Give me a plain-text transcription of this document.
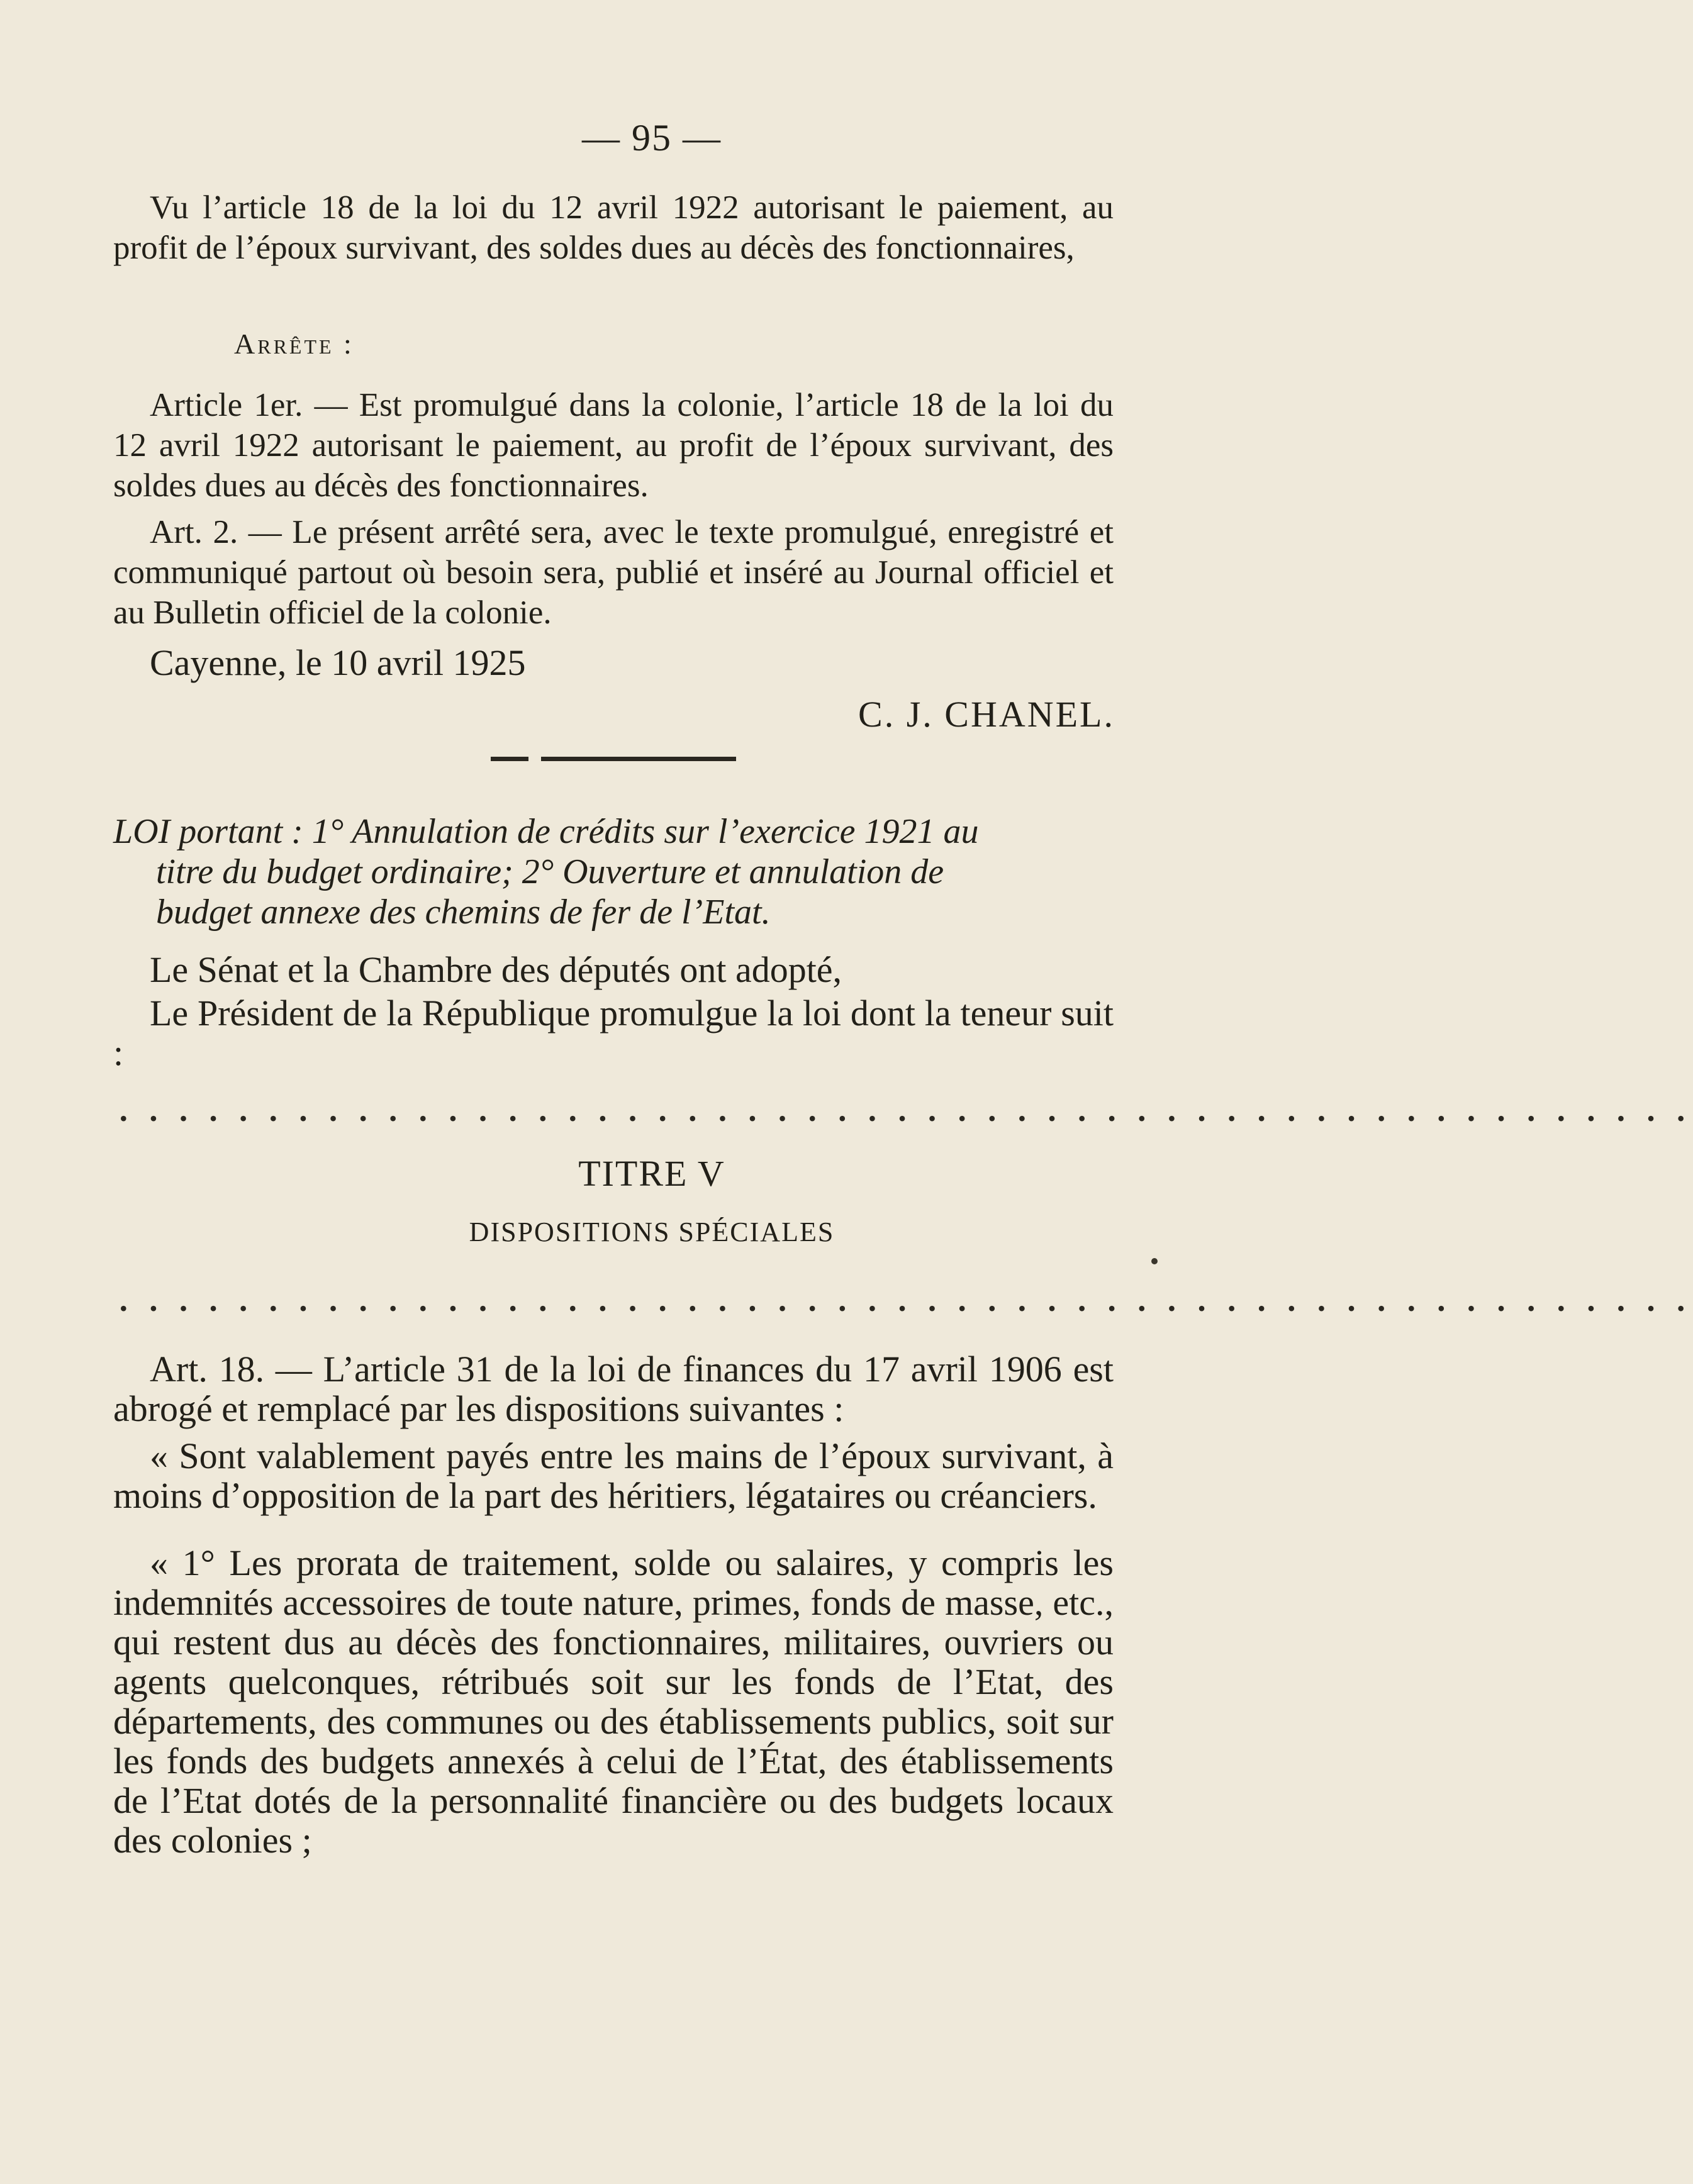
— 95 —

Vu l’article 18 de la loi du 12 avril 1922 autorisant le paiement, au profit de l’époux survivant, des soldes dues au décès des fonctionnaires,

Arrête :

Article 1er. — Est promulgué dans la colonie, l’article 18 de la loi du 12 avril 1922 autorisant le paiement, au profit de l’époux survivant, des soldes dues au décès des fonctionnaires.

Art. 2. — Le présent arrêté sera, avec le texte promulgué, enregistré et communiqué partout où besoin sera, publié et inséré au Journal officiel et au Bulletin officiel de la colonie.

Cayenne, le 10 avril 1925

C. J. CHANEL.
LOI portant : 1° Annulation de crédits sur l’exercice 1921 au
titre du budget ordinaire; 2° Ouverture et annulation de
budget annexe des chemins de fer de l’Etat.

Le Sénat et la Chambre des députés ont adopté,

Le Président de la République promulgue la loi dont la teneur suit :

• • • • • • • • • • • • • • • • • • • • • • • • • • • • • • • • • • • • • • • • • • • • • • • • • • • • •
TITRE V
DISPOSITIONS SPÉCIALES
• • • • • • • • • • • • • • • • • • • • • • • • • • • • • • • • • • • • • • • • • • • • • • • • • • • • •

Art. 18. — L’article 31 de la loi de finances du 17 avril 1906 est abrogé et remplacé par les dispositions suivantes :

« Sont valablement payés entre les mains de l’époux survivant, à moins d’opposition de la part des héritiers, légataires ou créanciers.

« 1° Les prorata de traitement, solde ou salaires, y compris les indemnités accessoires de toute nature, primes, fonds de masse, etc., qui restent dus au décès des fonctionnaires, militaires, ouvriers ou agents quelconques, rétribués soit sur les fonds de l’Etat, des départements, des communes ou des établissements publics, soit sur les fonds des budgets annexés à celui de l’État, des établissements de l’Etat dotés de la personnalité financière ou des budgets locaux des colonies ;
